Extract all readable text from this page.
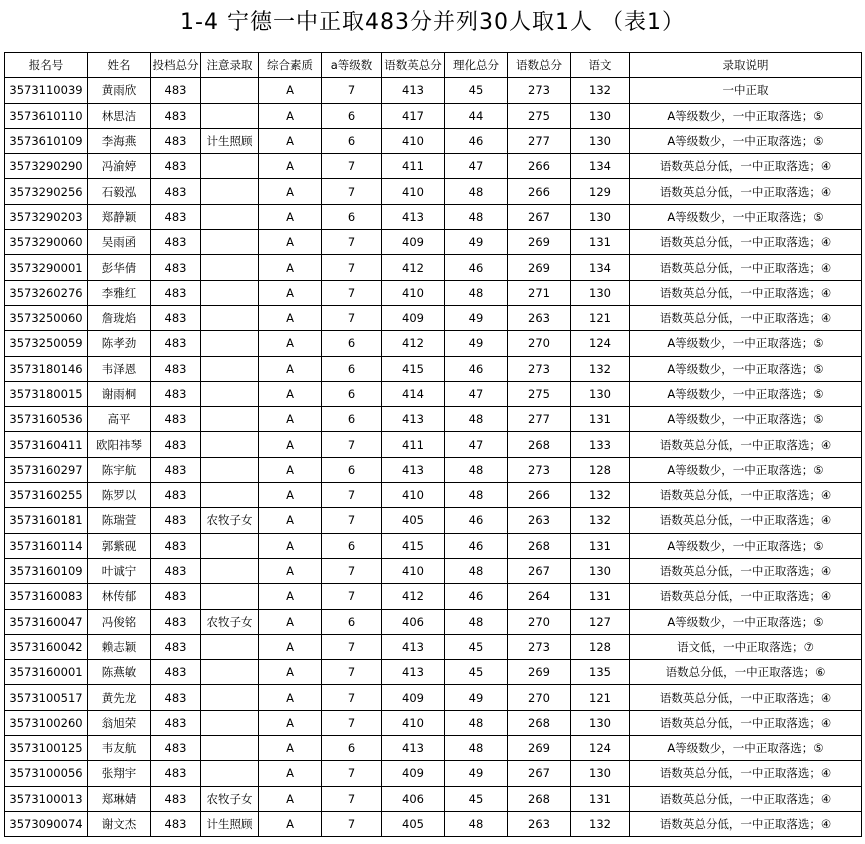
1-4 宁德一中正取483分并列30人取1人 （表1）
报名号	姓名	投档总分	注意录取	综合素质	a等级数	语数英总分	理化总分	语数总分	语文	录取说明
3573110039	黄雨欣	483		A	7	413	45	273	132	一中正取
3573610110	林思洁	483		A	6	417	44	275	130	A等级数少，一中正取落选；⑤
3573610109	李海燕	483	计生照顾	A	6	410	46	277	130	A等级数少，一中正取落选；⑤
3573290290	冯渝婷	483		A	7	411	47	266	134	语数英总分低，一中正取落选；④
3573290256	石毅泓	483		A	7	410	48	266	129	语数英总分低，一中正取落选；④
3573290203	郑静颖	483		A	6	413	48	267	130	A等级数少，一中正取落选；⑤
3573290060	吴雨函	483		A	7	409	49	269	131	语数英总分低，一中正取落选；④
3573290001	彭华倩	483		A	7	412	46	269	134	语数英总分低，一中正取落选；④
3573260276	李雅红	483		A	7	410	48	271	130	语数英总分低，一中正取落选；④
3573250060	詹珑焰	483		A	7	409	49	263	121	语数英总分低，一中正取落选；④
3573250059	陈孝劲	483		A	6	412	49	270	124	A等级数少，一中正取落选；⑤
3573180146	韦泽恩	483		A	6	415	46	273	132	A等级数少，一中正取落选；⑤
3573180015	谢雨桐	483		A	6	414	47	275	130	A等级数少，一中正取落选；⑤
3573160536	高平	483		A	6	413	48	277	131	A等级数少，一中正取落选；⑤
3573160411	欧阳祎琴	483		A	7	411	47	268	133	语数英总分低，一中正取落选；④
3573160297	陈宇航	483		A	6	413	48	273	128	A等级数少，一中正取落选；⑤
3573160255	陈罗以	483		A	7	410	48	266	132	语数英总分低，一中正取落选；④
3573160181	陈瑞萱	483	农牧子女	A	7	405	46	263	132	语数英总分低，一中正取落选；④
3573160114	郭紫砚	483		A	6	415	46	268	131	A等级数少，一中正取落选；⑤
3573160109	叶诚宁	483		A	7	410	48	267	130	语数英总分低，一中正取落选；④
3573160083	林传郁	483		A	7	412	46	264	131	语数英总分低，一中正取落选；④
3573160047	冯俊铭	483	农牧子女	A	6	406	48	270	127	A等级数少，一中正取落选；⑤
3573160042	赖志颖	483		A	7	413	45	273	128	语文低，一中正取落选；⑦
3573160001	陈燕敏	483		A	7	413	45	269	135	语数总分低，一中正取落选；⑥
3573100517	黄先龙	483		A	7	409	49	270	121	语数英总分低，一中正取落选；④
3573100260	翁旭荣	483		A	7	410	48	268	130	语数英总分低，一中正取落选；④
3573100125	韦友航	483		A	6	413	48	269	124	A等级数少，一中正取落选；⑤
3573100056	张翔宇	483		A	7	409	49	267	130	语数英总分低，一中正取落选；④
3573100013	郑琳婧	483	农牧子女	A	7	406	45	268	131	语数英总分低，一中正取落选；④
3573090074	谢文杰	483	计生照顾	A	7	405	48	263	132	语数英总分低，一中正取落选；④
